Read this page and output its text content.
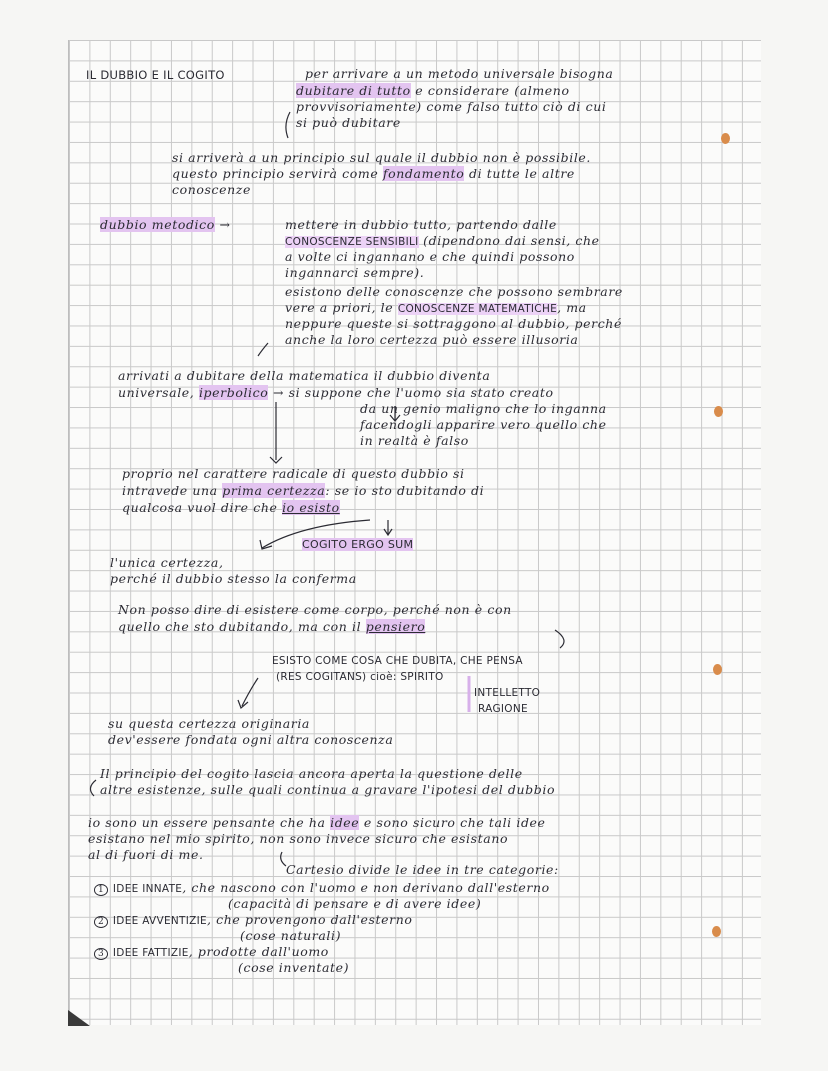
IL DUBBIO E IL COGITO	per arrivare a un metodo universale bisogna

dubitare di tutto e considerare (almeno

provvisoriamente) come falso tutto ciò di cui

si può dubitare

si arriverà a un principio sul quale il dubbio non è possibile.

questo principio servirà come fondamento di tutte le altre

conoscenze

dubbio metodico →	mettere in dubbio tutto, partendo dalle

CONOSCENZE SENSIBILI (dipendono dai sensi, che

a volte ci ingannano e che quindi possono

ingannarci sempre).

esistono delle conoscenze che possono sembrare

vere a priori, le CONOSCENZE MATEMATICHE, ma

neppure queste si sottraggono al dubbio, perché

anche la loro certezza può essere illusoria

arrivati a dubitare della matematica il dubbio diventa

universale, iperbolico → si suppone che l'uomo sia stato creato

da un genio maligno che lo inganna

facendogli apparire vero quello che

in realtà è falso

proprio nel carattere radicale di questo dubbio si

intravede una prima certezza: se io sto dubitando di

qualcosa vuol dire che io esisto

COGITO ERGO SUM

l'unica certezza,

perché il dubbio stesso la conferma

Non posso dire di esistere come corpo, perché non è con

quello che sto dubitando, ma con il pensiero

ESISTO COME COSA CHE DUBITA, CHE PENSA

(RES COGITANS) cioè: SPIRITO

INTELLETTO

RAGIONE

su questa certezza originaria

dev'essere fondata ogni altra conoscenza

Il principio del cogito lascia ancora aperta la questione delle

altre esistenze, sulle quali continua a gravare l'ipotesi del dubbio

io sono un essere pensante che ha idee e sono sicuro che tali idee

esistano nel mio spirito, non sono invece sicuro che esistano

al di fuori di me.

Cartesio divide le idee in tre categorie:

1 IDEE INNATE, che nascono con l'uomo e non derivano dall'esterno

(capacità di pensare e di avere idee)

2 IDEE AVVENTIZIE, che provengono dall'esterno

(cose naturali)

3 IDEE FATTIZIE, prodotte dall'uomo

(cose inventate)
